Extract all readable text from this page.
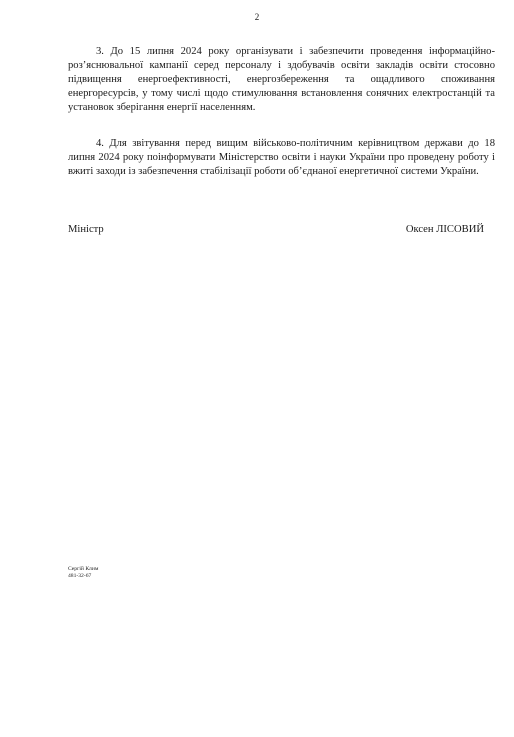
2

3. До 15 липня 2024 року організувати і забезпечити проведення інформаційно-роз’яснювальної кампанії серед персоналу і здобувачів освіти закладів освіти стосовно підвищення енергоефективності, енергозбереження та ощадливого споживання енергоресурсів, у тому числі щодо стимулювання встановлення сонячних електростанцій та установок зберігання енергії населенням.

4. Для звітування перед вищим військово-політичним керівництвом держави до 18 липня 2024 року поінформувати Міністерство освіти і науки України про проведену роботу і вжиті заходи із забезпечення стабілізації роботи об’єднаної енергетичної системи України.

Міністр	Оксен ЛІСОВИЙ
Сергій Клим
481-32-67
